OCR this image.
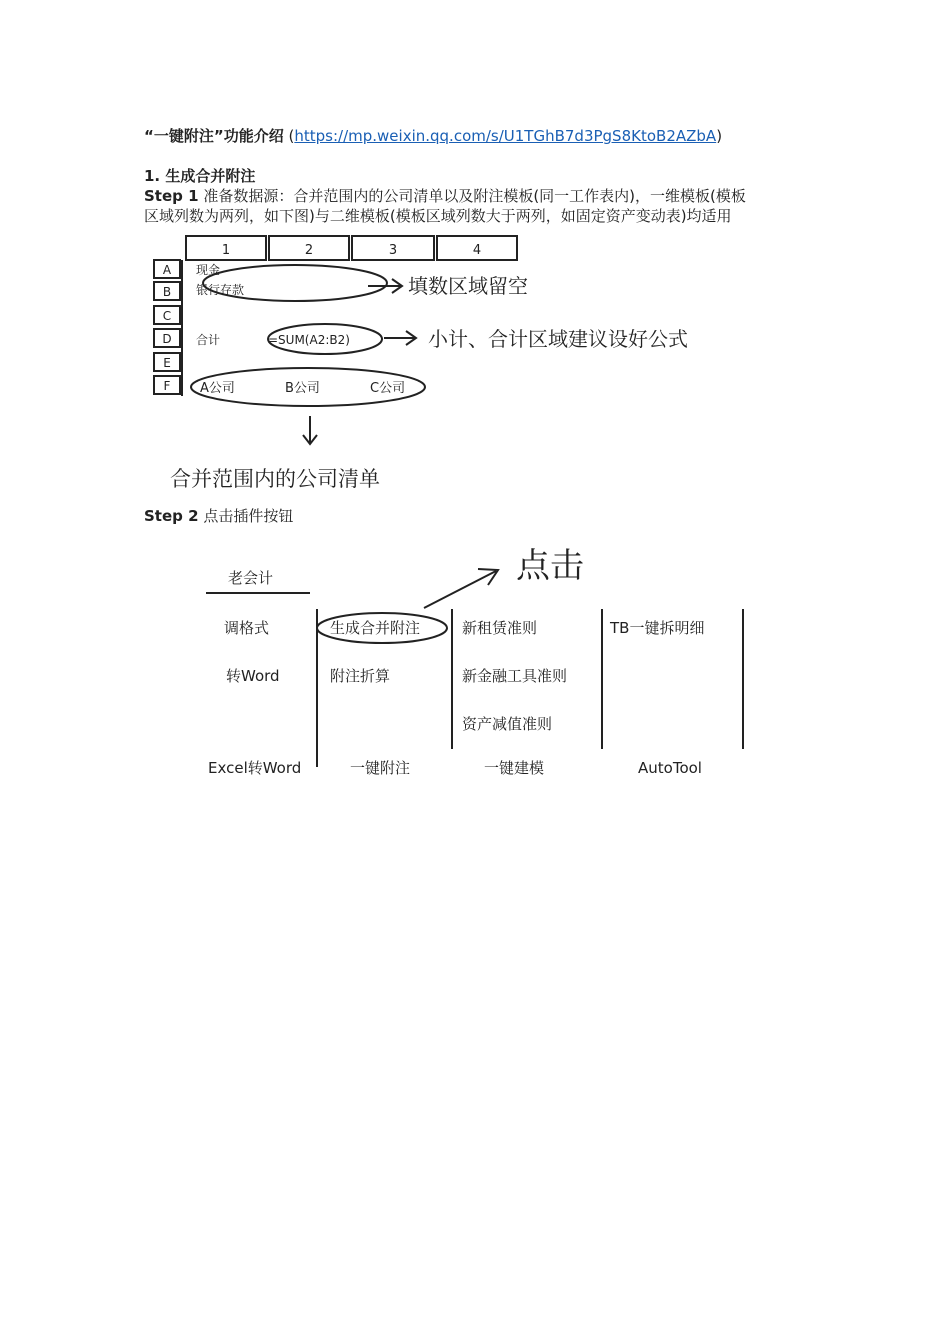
“一键附注”功能介绍 (https://mp.weixin.qq.com/s/U1TGhB7d3PgS8KtoB2AZbA)
1. 生成合并附注
Step 1 准备数据源：合并范围内的公司清单以及附注模板(同一工作表内)，一维模板(模板
区域列数为两列，如下图)与二维模板(模板区域列数大于两列，如固定资产变动表)均适用
1	2	3	4
A
B
C
D
E
F
现金
银行存款
合计	=SUM(A2:B2)
填数区域留空
小计、合计区域建议设好公式
A公司	B公司	C公司
合并范围内的公司清单
Step 2 点击插件按钮
老会计	点击
调格式
转Word
Excel转Word
生成合并附注
附注折算
一键附注
新租赁准则
新金融工具准则
资产减值准则
一键建模
TB一键拆明细
AutoTool
